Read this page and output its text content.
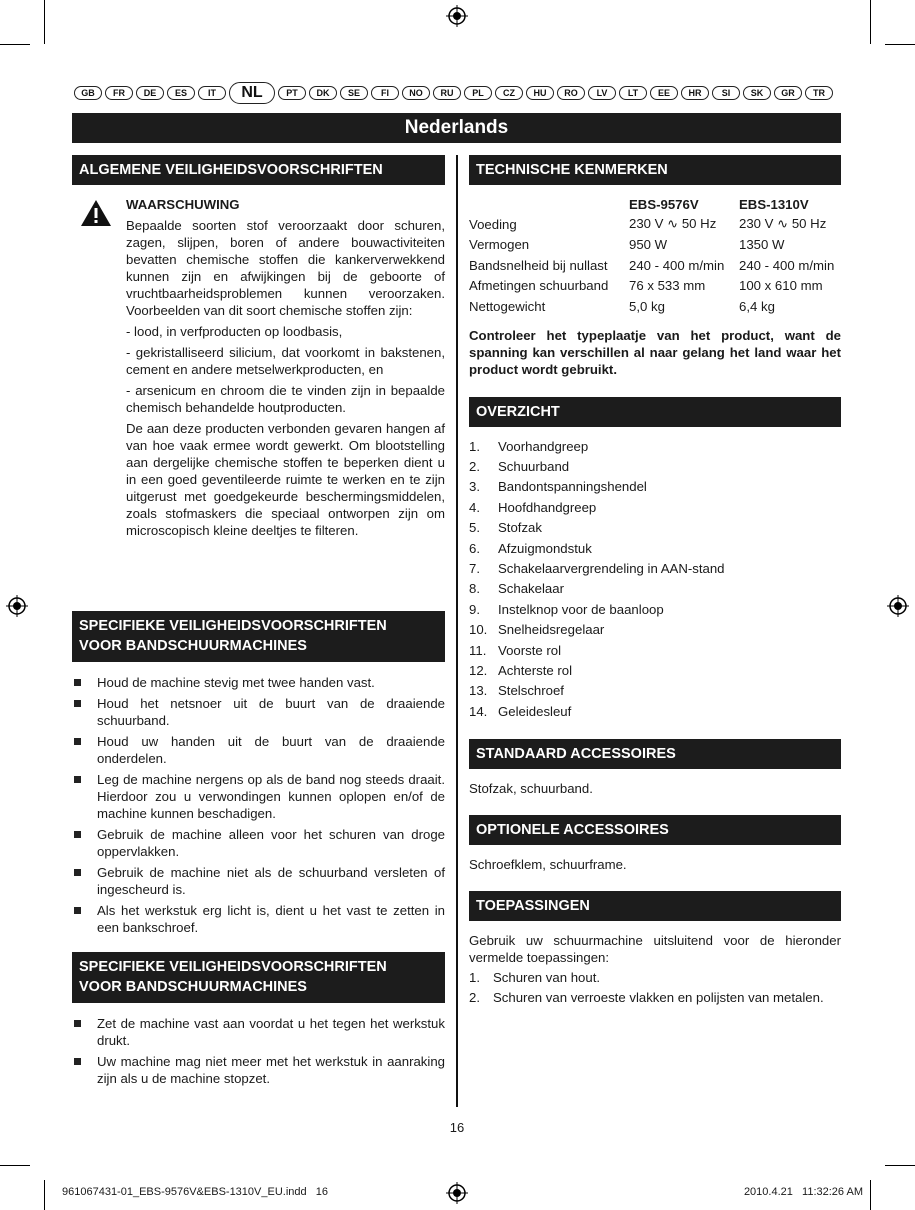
GB	FR	DE	ES	IT	NL	PT	DK	SE	FI	NO	RU	PL	CZ	HU	RO	LV	LT	EE	HR	SI	SK	GR	TR
Nederlands
ALGEMENE VEILIGHEIDSVOORSCHRIFTEN

WAARSCHUWING

Bepaalde soorten stof veroorzaakt door schuren, zagen, slijpen, boren of andere bouwactiviteiten bevatten chemische stoffen die kankerverwekkend kunnen zijn en afwijkingen bij de geboorte of vruchtbaarheidsproblemen kunnen veroorzaken. Voorbeelden van dit soort chemische stoffen zijn:

- lood, in verfproducten op loodbasis,

- gekristalliseerd silicium, dat voorkomt in bakstenen, cement en andere metselwerkproducten, en

- arsenicum en chroom die te vinden zijn in bepaalde chemisch behandelde houtproducten.

De aan deze producten verbonden gevaren hangen af van hoe vaak ermee wordt gewerkt. Om blootstelling aan dergelijke chemische stoffen te beperken dient u in een goed geventileerde ruimte te werken en te zijn uitgerust met goedgekeurde beschermingsmiddelen, zoals stofmaskers die speciaal ontworpen zijn om microscopisch kleine deeltjes te filteren.

SPECIFIEKE VEILIGHEIDSVOORSCHRIFTEN
VOOR BANDSCHUURMACHINES
Houd de machine stevig met twee handen vast.
Houd het netsnoer uit de buurt van de draaiende schuurband.
Houd uw handen uit de buurt van de draaiende onderdelen.
Leg de machine nergens op als de band nog steeds draait. Hierdoor zou u verwondingen kunnen oplopen en/of de machine kunnen beschadigen.
Gebruik de machine alleen voor het schuren van droge oppervlakken.
Gebruik de machine niet als de schuurband versleten of ingescheurd is.
Als het werkstuk erg licht is, dient u het vast te zetten in een bankschroef.
SPECIFIEKE VEILIGHEIDSVOORSCHRIFTEN
VOOR BANDSCHUURMACHINES
Zet de machine vast aan voordat u het tegen het werkstuk drukt.
Uw machine mag niet meer met het werkstuk in aanraking zijn als u de machine stopzet.
TECHNISCHE KENMERKEN
	EBS-9576V	EBS-1310V
Voeding	230 V ∿ 50 Hz	230 V ∿ 50 Hz
Vermogen	950 W	1350 W
Bandsnelheid bij nullast	240 - 400 m/min	240 - 400 m/min
Afmetingen schuurband	76 x 533 mm	100 x 610 mm
Nettogewicht	5,0 kg	6,4 kg
Controleer het typeplaatje van het product, want de spanning kan verschillen al naar gelang het land waar het product wordt gebruikt.
OVERZICHT
1.	Voorhandgreep
2.	Schuurband
3.	Bandontspanningshendel
4.	Hoofdhandgreep
5.	Stofzak
6.	Afzuigmondstuk
7.	Schakelaarvergrendeling in AAN-stand
8.	Schakelaar
9.	Instelknop voor de baanloop
10. Snelheidsregelaar
11. Voorste rol
12. Achterste rol
13. Stelschroef
14. Geleidesleuf
STANDAARD ACCESSOIRES
Stofzak, schuurband.
OPTIONELE ACCESSOIRES
Schroefklem, schuurframe.
TOEPASSINGEN
Gebruik uw schuurmachine uitsluitend voor de hieronder vermelde toepassingen:
1. Schuren van hout.
2. Schuren van verroeste vlakken en polijsten van metalen.
16
961067431-01_EBS-9576V&EBS-1310V_EU.indd   16	2010.4.21   11:32:26 AM
